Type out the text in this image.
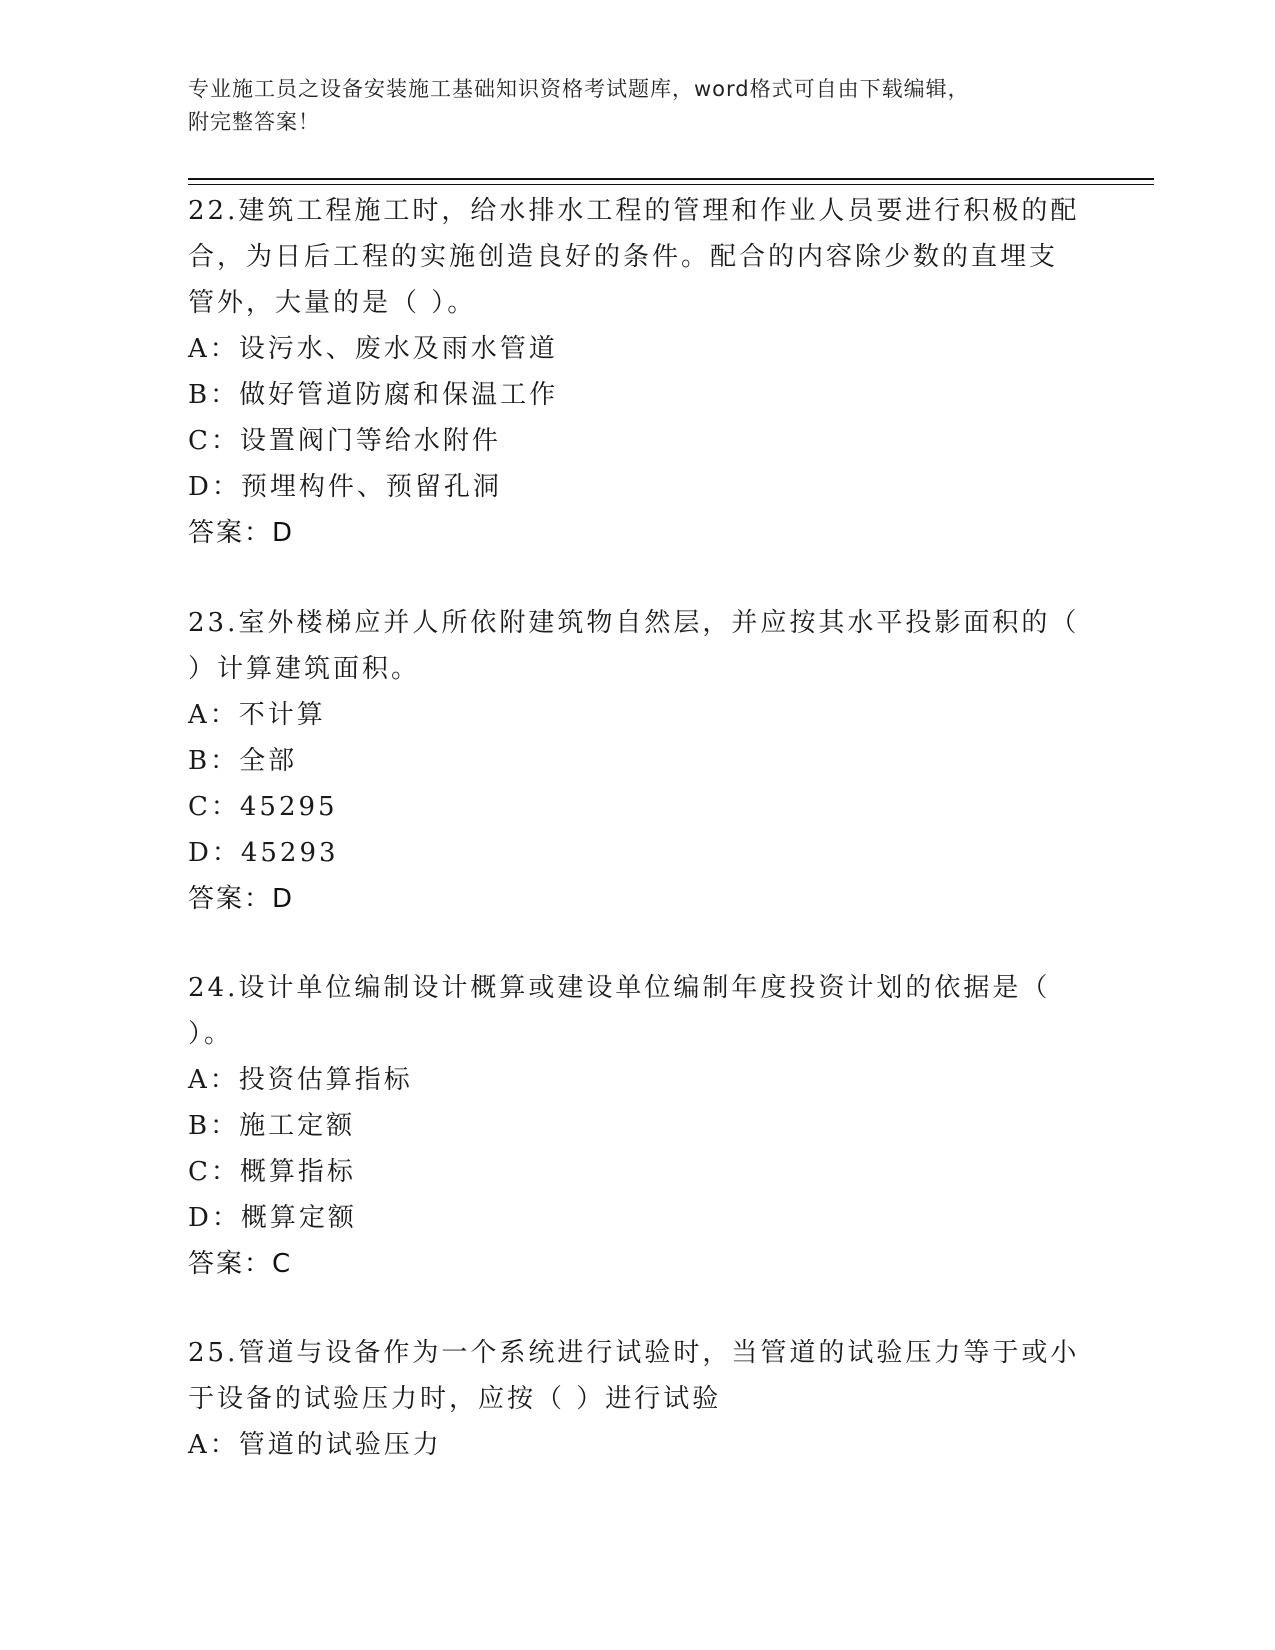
专业施工员之设备安装施工基础知识资格考试题库，word格式可自由下载编辑，
附完整答案！
22.建筑工程施工时，给水排水工程的管理和作业人员要进行积极的配
合，为日后工程的实施创造良好的条件。配合的内容除少数的直埋支
管外，大量的是（ ）。
A：设污水、废水及雨水管道
B：做好管道防腐和保温工作
C：设置阀门等给水附件
D：预埋构件、预留孔洞
答案：D
23.室外楼梯应并人所依附建筑物自然层，并应按其水平投影面积的（
）计算建筑面积。
A：不计算
B：全部
C：45295
D：45293
答案：D
24.设计单位编制设计概算或建设单位编制年度投资计划的依据是（
）。
A：投资估算指标
B：施工定额
C：概算指标
D：概算定额
答案：C
25.管道与设备作为一个系统进行试验时，当管道的试验压力等于或小
于设备的试验压力时，应按（ ）进行试验
A：管道的试验压力
